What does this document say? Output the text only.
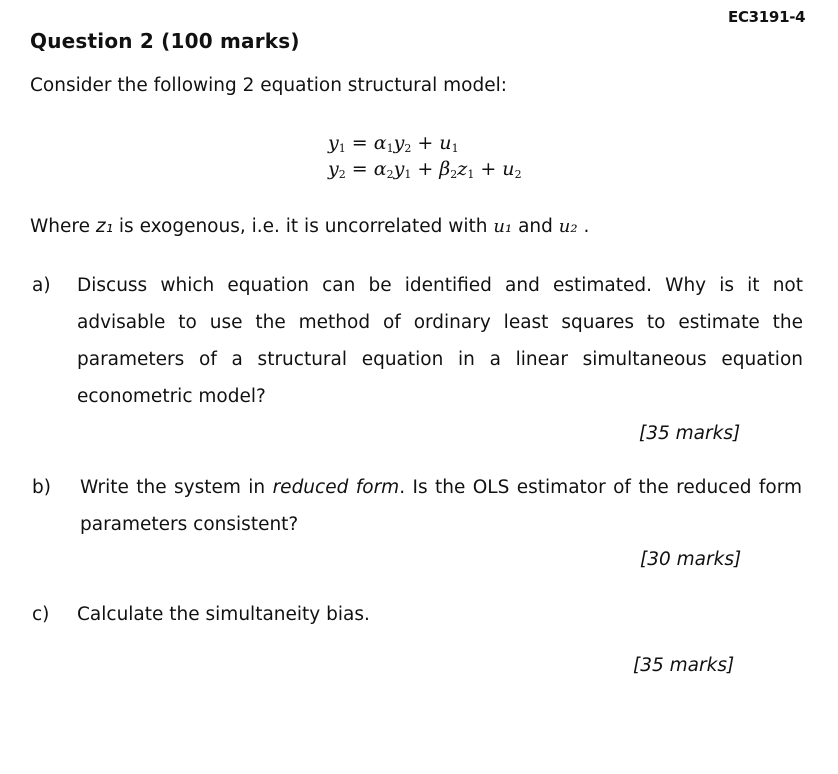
EC3191-4
Question 2 (100 marks)
Consider the following 2 equation structural model:
$y_1 = \alpha_1y_2 + u_1$
$y_2 = \alpha_2y_1 + \beta_2z_1 + u_2$
Where z₁ is exogenous, i.e. it is uncorrelated with u₁ and u₂ .
a) Discuss which equation can be identified and estimated. Why is it not advisable to use the method of ordinary least squares to estimate the parameters of a structural equation in a linear simultaneous equation econometric model?
[35 marks]
b) Write the system in reduced form. Is the OLS estimator of the reduced form parameters consistent?
[30 marks]
c) Calculate the simultaneity bias.
[35 marks]
